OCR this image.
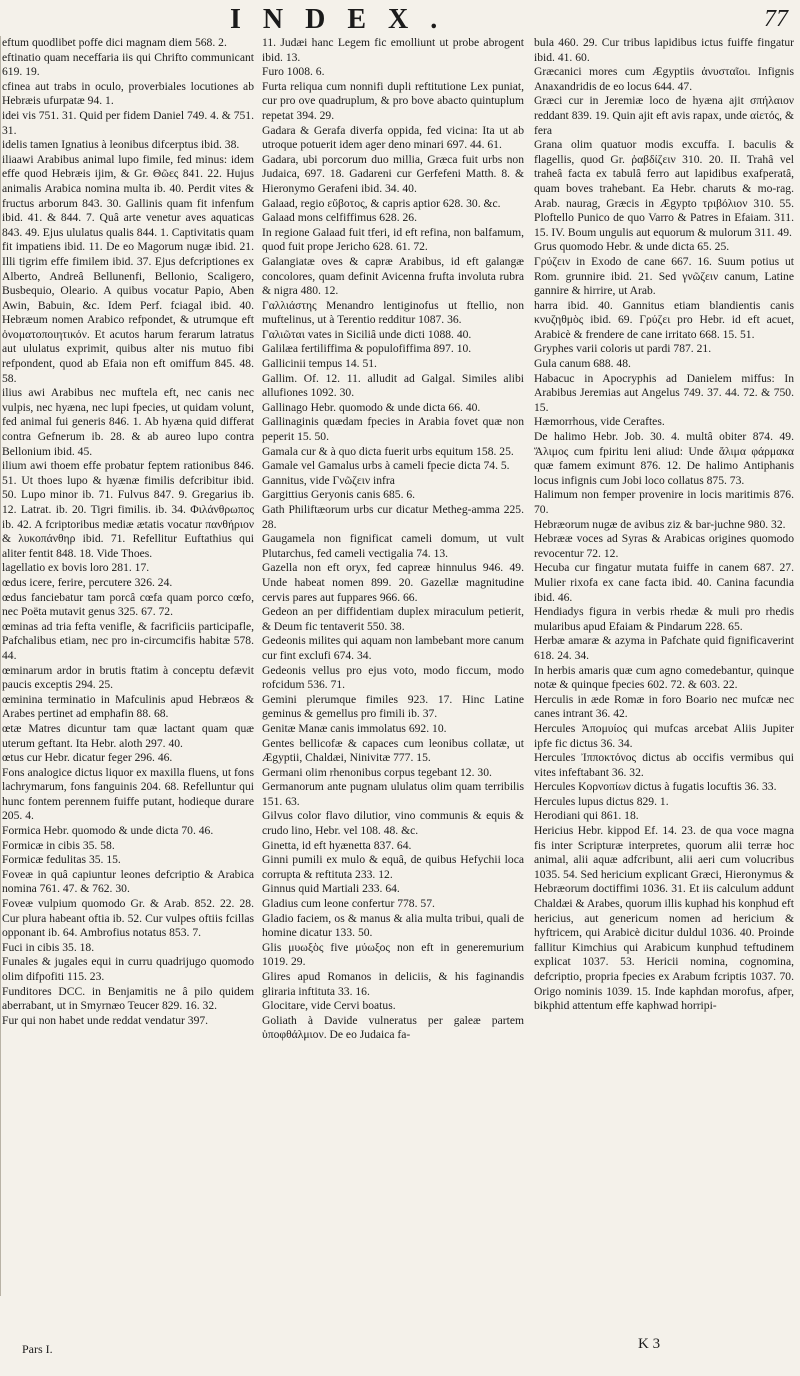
INDEX.	77

eftum quodlibet poffe dici magnam diem 568. 2.

eftinatio quam neceffaria iis qui Chrifto communicant 619. 19.

cfinea aut trabs in oculo, proverbiales locutiones ab Hebræis ufurpatæ 94. 1.

idei vis 751. 31. Quid per fidem Daniel 749. 4. & 751. 31.

idelis tamen Ignatius à leonibus difcerptus ibid. 38.

iliaawi Arabibus animal lupo fimile, fed minus: idem effe quod Hebræis ijim, & Gr. Θῶες 841. 22. Hujus animalis Arabica nomina multa ib. 40. Perdit vites & fructus arborum 843. 30. Gallinis quam fit infenfum ibid. 41. & 844. 7. Quâ arte venetur aves aquaticas 843. 49. Ejus ululatus qualis 844. 1. Captivitatis quam fit impatiens ibid. 11. De eo Magorum nugæ ibid. 21. Illi tigrim effe fimilem ibid. 37. Ejus defcriptiones ex Alberto, Andreâ Bellunenfi, Bellonio, Scaligero, Busbequio, Oleario. A quibus vocatur Papio, Aben Awin, Babuin, &c. Idem Perf. fciagal ibid. 40. Hebræum nomen Arabico refpondet, & utrumque eft ὀνοματοποιητικόν. Et acutos harum ferarum latratus aut ululatus exprimit, quibus alter nis mutuo fibi refpondent, quod ab Efaia non eft omiffum 845. 48. 58.

ilius awi Arabibus nec muftela eft, nec canis nec vulpis, nec hyæna, nec lupi fpecies, ut quidam volunt, fed animal fui generis 846. 1. Ab hyæna quid differat contra Gefnerum ib. 28. & ab aureo lupo contra Bellonium ibid. 45.

ilium awi thoem effe probatur feptem rationibus 846. 51. Ut thoes lupo & hyænæ fimilis defcribitur ibid. 50. Lupo minor ib. 71. Fulvus 847. 9. Gregarius ib. 12. Latrat. ib. 20. Tigri fimilis. ib. 34. Φιλάνθρωπος ib. 42. A fcriptoribus mediæ ætatis vocatur πανθήριον & λυκοπάνθηρ ibid. 71. Refellitur Euftathius qui aliter fentit 848. 18. Vide Thoes.

lagellatio ex bovis loro 281. 17.

œdus icere, ferire, percutere 326. 24.

œdus fanciebatur tam porcâ cœfa quam porco cœfo, nec Poëta mutavit genus 325. 67. 72.

œminas ad tria fefta venifle, & facrificiis participafle, Pafchalibus etiam, nec pro in-circumcifis habitæ 578. 44.

œminarum ardor in brutis ftatim à conceptu defævit paucis exceptis 294. 25.

œminina terminatio in Mafculinis apud Hebræos & Arabes pertinet ad emphafin 88. 68.

œtæ Matres dicuntur tam quæ lactant quam quæ uterum geftant. Ita Hebr. aloth 297. 40.

œtus cur Hebr. dicatur feger 296. 46.

Fons analogice dictus liquor ex maxilla fluens, ut fons lachrymarum, fons fanguinis 204. 68. Refelluntur qui hunc fontem perennem fuiffe putant, hodieque durare 205. 4.

Formica Hebr. quomodo & unde dicta 70. 46.

Formicæ in cibis 35. 58.

Formicæ fedulitas 35. 15.

Foveæ in quâ capiuntur leones defcriptio & Arabica nomina 761. 47. & 762. 30.

Foveæ vulpium quomodo Gr. & Arab. 852. 22. 28. Cur plura habeant oftia ib. 52. Cur vulpes oftiis fcillas opponant ib. 64. Ambrofius notatus 853. 7.

Fuci in cibis 35. 18.

Funales & jugales equi in curru quadrijugo quomodo olim difpofiti 115. 23.

Funditores DCC. in Benjamitis ne â pilo quidem aberrabant, ut in Smyrnæo Teucer 829. 16. 32.

Fur qui non habet unde reddat vendatur 397.

11. Judæi hanc Legem fic emolliunt ut probe abrogent ibid. 13.

Furo 1008. 6.

Furta reliqua cum nonnifi dupli reftitutione Lex puniat, cur pro ove quadruplum, & pro bove abacto quintuplum repetat 394. 29.

Gadara & Gerafa diverfa oppida, fed vicina: Ita ut ab utroque potuerit idem ager deno minari 697. 44. 61.

Gadara, ubi porcorum duo millia, Græca fuit urbs non Judaica, 697. 18. Gadareni cur Gerfefeni Matth. 8. & Hieronymo Gerafeni ibid. 34. 40.

Galaad, regio εὔβοτος, & capris aptior 628. 30. &c.

Galaad mons celfiffimus 628. 26.

In regione Galaad fuit tferi, id eft refina, non balfamum, quod fuit prope Jericho 628. 61. 72.

Galangiatæ oves & capræ Arabibus, id eft galangæ concolores, quam definit Avicenna frufta involuta rubra & nigra 480. 12.

Γαλλιάστης Menandro lentiginofus ut ftellio, non muftelinus, ut à Terentio redditur 1087. 36.

Γαλιῶται vates in Siciliâ unde dicti 1088. 40.

Galilæa fertiliffima & populofiffima 897. 10.

Gallicinii tempus 14. 51.

Gallim. Of. 12. 11. alludit ad Galgal. Similes alibi allufiones 1092. 30.

Gallinago Hebr. quomodo & unde dicta 66. 40.

Gallinaginis quædam fpecies in Arabia fovet quæ non peperit 15. 50.

Gamala cur & à quo dicta fuerit urbs equitum 158. 25.

Gamale vel Gamalus urbs à cameli fpecie dicta 74. 5.

Gannitus, vide Γνῶζειν infra

Gargittius Geryonis canis 685. 6.

Gath Philiftæorum urbs cur dicatur Metheg-amma 225. 28.

Gaugamela non fignificat cameli domum, ut vult Plutarchus, fed cameli vectigalia 74. 13.

Gazella non eft oryx, fed capreæ hinnulus 946. 49. Unde habeat nomen 899. 20. Gazellæ magnitudine cervis pares aut fuppares 966. 66.

Gedeon an per diffidentiam duplex miraculum petierit, & Deum fic tentaverit 550. 38.

Gedeonis milites qui aquam non lambebant more canum cur fint exclufi 674. 34.

Gedeonis vellus pro ejus voto, modo ficcum, modo rofcidum 536. 71.

Gemini plerumque fimiles 923. 17. Hinc Latine geminus & gemellus pro fimili ib. 37.

Genitæ Manæ canis immolatus 692. 10.

Gentes bellicofæ & capaces cum leonibus collatæ, ut Ægyptii, Chaldæi, Ninivitæ 777. 15.

Germani olim rhenonibus corpus tegebant 12. 30.

Germanorum ante pugnam ululatus olim quam terribilis 151. 63.

Gilvus color flavo dilutior, vino communis & equis & crudo lino, Hebr. vel 108. 48. &c.

Ginetta, id eft hyænetta 837. 64.

Ginni pumili ex mulo & equâ, de quibus Hefychii loca corrupta & reftituta 233. 12.

Ginnus quid Martiali 233. 64.

Gladius cum leone confertur 778. 57.

Gladio faciem, os & manus & alia multa tribui, quali de homine dicatur 133. 50.

Glis μυωξὸς five μύωξος non eft in generemurium 1019. 29.

Glires apud Romanos in deliciis, & his faginandis gliraria inftituta 33. 16.

Glocitare, vide Cervi boatus.

Goliath à Davide vulneratus per galeæ partem ὑποφθάλμιον. De eo Judaica fa-

bula 460. 29. Cur tribus lapidibus ictus fuiffe fingatur ibid. 41. 60.

Græcanici mores cum Ægyptiis ἀνυσταῖοι. Infignis Anaxandridis de eo locus 644. 47.

Græci cur in Jeremiæ loco de hyæna ajit σπήλαιον reddant 839. 19. Quin ajit eft avis rapax, unde αἰετός, & fera

Grana olim quatuor modis excuffa. I. baculis & flagellis, quod Gr. ῥαβδίζειν 310. 20. II. Trahâ vel traheâ facta ex tabulâ ferro aut lapidibus exafperatâ, quam boves trahebant. Ea Hebr. charuts & mo-rag. Arab. naurag, Græcis in Ægypto τριβόλιον 310. 55. Ploftello Punico de quo Varro & Patres in Efaiam. 311. 15. IV. Boum ungulis aut equorum & mulorum 311. 49.

Grus quomodo Hebr. & unde dicta 65. 25.

Γρύζειν in Exodo de cane 667. 16. Suum potius ut Rom. grunnire ibid. 21. Sed γνῶζειν canum, Latine gannire & hirrire, ut Arab.

harra ibid. 40. Gannitus etiam blandientis canis κνυζηθμὸς ibid. 69. Γρύζει pro Hebr. id eft acuet, Arabicè & frendere de cane irritato 668. 15. 51.

Gryphes varii coloris ut pardi 787. 21.

Gula canum 688. 48.

Habacuc in Apocryphis ad Danielem miffus: In Arabibus Jeremias aut Angelus 749. 37. 44. 72. & 750. 15.

Hæmorrhous, vide Ceraftes.

De halimo Hebr. Job. 30. 4. multâ obiter 874. 49. Ἅλιμος cum fpiritu leni aliud: Unde ἄλιμα φάρμακα quæ famem eximunt 876. 12. De halimo Antiphanis locus infignis cum Jobi loco collatus 875. 73.

Halimum non femper provenire in locis maritimis 876. 70.

Hebræorum nugæ de avibus ziz & bar-juchne 980. 32.

Hebrææ voces ad Syras & Arabicas origines quomodo revocentur 72. 12.

Hecuba cur fingatur mutata fuiffe in canem 687. 27. Mulier rixofa ex cane facta ibid. 40. Canina facundia ibid. 46.

Hendiadys figura in verbis rhedæ & muli pro rhedis mularibus apud Efaiam & Pindarum 228. 65.

Herbæ amaræ & azyma in Pafchate quid fignificaverint 618. 24. 34.

In herbis amaris quæ cum agno comedebantur, quinque notæ & quinque fpecies 602. 72. & 603. 22.

Herculis in æde Romæ in foro Boario nec mufcæ nec canes intrant 36. 42.

Hercules Ἀπομυίος qui mufcas arcebat Aliis Jupiter ipfe fic dictus 36. 34.

Hercules Ἰπποκτόνος dictus ab occifis vermibus qui vites infeftabant 36. 32.

Hercules Κορνοπίων dictus à fugatis locuftis 36. 33.

Hercules lupus dictus 829. 1.

Herodiani qui 861. 18.

Hericius Hebr. kippod Ef. 14. 23. de qua voce magna fis inter Scripturæ interpretes, quorum alii terræ hoc animal, alii aquæ adfcribunt, alii aeri cum volucribus 1035. 54. Sed hericium explicant Græci, Hieronymus & Hebræorum doctiffimi 1036. 31. Et iis calculum addunt Chaldæi & Arabes, quorum illis kuphad his konphud eft hericius, aut genericum nomen ad hericium & hyftricem, qui Arabicè dicitur duldul 1036. 40. Proinde fallitur Kimchius qui Arabicum kunphud teftudinem explicat 1037. 53. Hericii nomina, cognomina, defcriptio, propria fpecies ex Arabum fcriptis 1037. 70. Origo nominis 1039. 15. Inde kaphdan morofus, afper, bikphid attentum effe kaphwad horripi-

Pars I.	K 3
